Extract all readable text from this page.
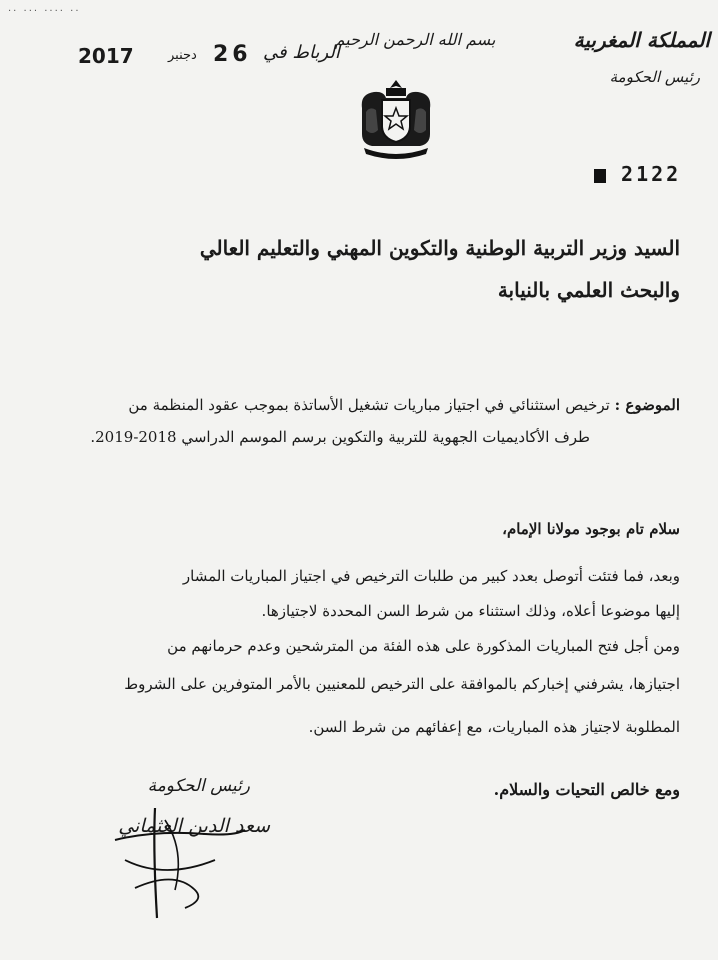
·· ··· ···· ··
2017	دجنبر 26 الرباط في
بسم الله الرحمن الرحيم	المملكة المغربية
رئيس الحكومة
2122
السيد وزير التربية الوطنية والتكوين المهني والتعليم العالي
والبحث العلمي بالنيابة
الموضوع : ترخيص استثنائي في اجتياز مباريات تشغيل الأساتذة بموجب عقود المنظمة من
طرف الأكاديميات الجهوية للتربية والتكوين برسم الموسم الدراسي 2018-2019.
سلام تام بوجود مولانا الإمام،
وبعد، فما فتئت أتوصل بعدد كبير من طلبات الترخيص في اجتياز المباريات المشار
إليها موضوعا أعلاه، وذلك استثناء من شرط السن المحددة لاجتيازها.
ومن أجل فتح المباريات المذكورة على هذه الفئة من المترشحين وعدم حرمانهم من
اجتيازها، يشرفني إخباركم بالموافقة على الترخيص للمعنيين بالأمر المتوفرين على الشروط
المطلوبة لاجتياز هذه المباريات، مع إعفائهم من شرط السن.
ومع خالص التحيات والسلام.
رئيس الحكومة
سعد الدين العثماني
